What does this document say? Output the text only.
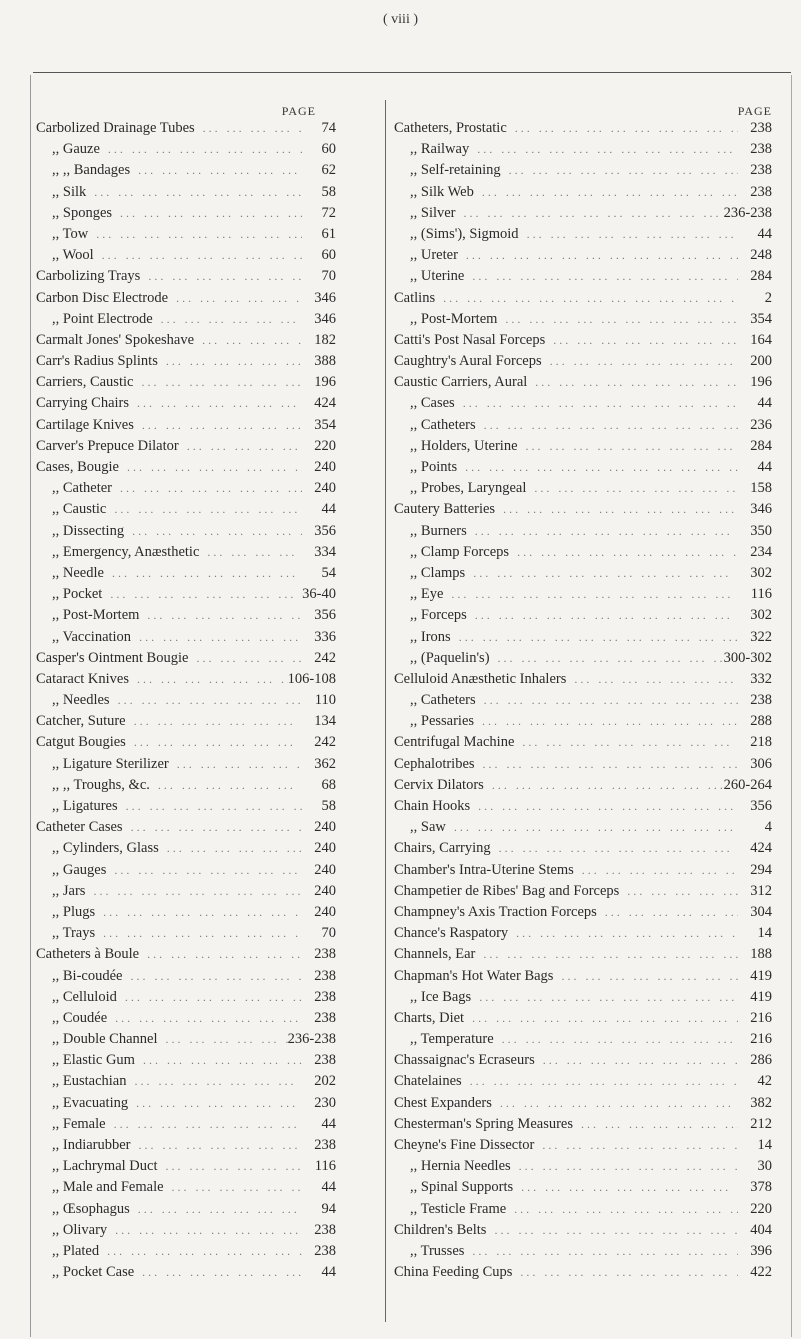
( viii )
PAGE
Carbolized Drainage Tubes ... .	74
,, Gauze ... .	60
,, ,, Bandages ... .	62
,, Silk ... .	58
,, Sponges ... .	72
,, Tow ... .	61
,, Wool ... .	60
Carbolizing Trays ... .	70
Carbon Disc Electrode ... .	346
,, Point Electrode ... .	346
Carmalt Jones' Spokeshave ... .	182
Carr's Radius Splints ... .	388
Carriers, Caustic ... .	196
Carrying Chairs ... .	424
Cartilage Knives ... .	354
Carver's Prepuce Dilator ... .	220
Cases, Bougie ... .	240
,, Catheter ... .	240
,, Caustic ... .	44
,, Dissecting ... .	356
,, Emergency, Anæsthetic ... .	334
,, Needle ... .	54
,, Pocket ... .	36-40
,, Post-Mortem ... .	356
,, Vaccination ... .	336
Casper's Ointment Bougie ... .	242
Cataract Knives ... .	106-108
,, Needles ... .	110
Catcher, Suture ... .	134
Catgut Bougies ... .	242
,, Ligature Sterilizer ... .	362
,, ,, Troughs, &c. ... .	68
,, Ligatures ... .	58
Catheter Cases ... .	240
,, Cylinders, Glass ... .	240
,, Gauges ... .	240
,, Jars ... .	240
,, Plugs ... .	240
,, Trays ... .	70
Catheters à Boule ... .	238
,, Bi-coudée ... .	238
,, Celluloid ... .	238
,, Coudée ... .	238
,, Double Channel ... .	236-238
,, Elastic Gum ... .	238
,, Eustachian ... .	202
,, Evacuating ... .	230
,, Female ... .	44
,, Indiarubber ... .	238
,, Lachrymal Duct ... .	116
,, Male and Female ... .	44
,, Œsophagus ... .	94
,, Olivary ... .	238
,, Plated ... .	238
,, Pocket Case ... .	44
PAGE
Catheters, Prostatic ... .	238
,, Railway ... .	238
,, Self-retaining ... .	238
,, Silk Web ... .	238
,, Silver ... .	236-238
,, (Sims'), Sigmoid ... .	44
,, Ureter ... .	248
,, Uterine ... .	284
Catlins ... .	2
,, Post-Mortem ... .	354
Catti's Post Nasal Forceps ... .	164
Caughtry's Aural Forceps ... .	200
Caustic Carriers, Aural ... .	196
,, Cases ... .	44
,, Catheters ... .	236
,, Holders, Uterine ... .	284
,, Points ... .	44
,, Probes, Laryngeal ... .	158
Cautery Batteries ... .	346
,, Burners ... .	350
,, Clamp Forceps ... .	234
,, Clamps ... .	302
,, Eye ... .	116
,, Forceps ... .	302
,, Irons ... .	322
,, (Paquelin's) ... .	300-302
Celluloid Anæsthetic Inhalers ... .	332
,, Catheters ... .	238
,, Pessaries ... .	288
Centrifugal Machine ... .	218
Cephalotribes ... .	306
Cervix Dilators ... .	260-264
Chain Hooks ... .	356
,, Saw ... .	4
Chairs, Carrying ... .	424
Chamber's Intra-Uterine Stems ... .	294
Champetier de Ribes' Bag and Forceps ... .	312
Champney's Axis Traction Forceps ... .	304
Chance's Raspatory ... .	14
Channels, Ear ... .	188
Chapman's Hot Water Bags ... .	419
,, Ice Bags ... .	419
Charts, Diet ... .	216
,, Temperature ... .	216
Chassaignac's Ecraseurs ... .	286
Chatelaines ... .	42
Chest Expanders ... .	382
Chesterman's Spring Measures ... .	212
Cheyne's Fine Dissector ... .	14
,, Hernia Needles ... .	30
,, Spinal Supports ... .	378
,, Testicle Frame ... .	220
Children's Belts ... .	404
,, Trusses ... .	396
China Feeding Cups ... .	422
